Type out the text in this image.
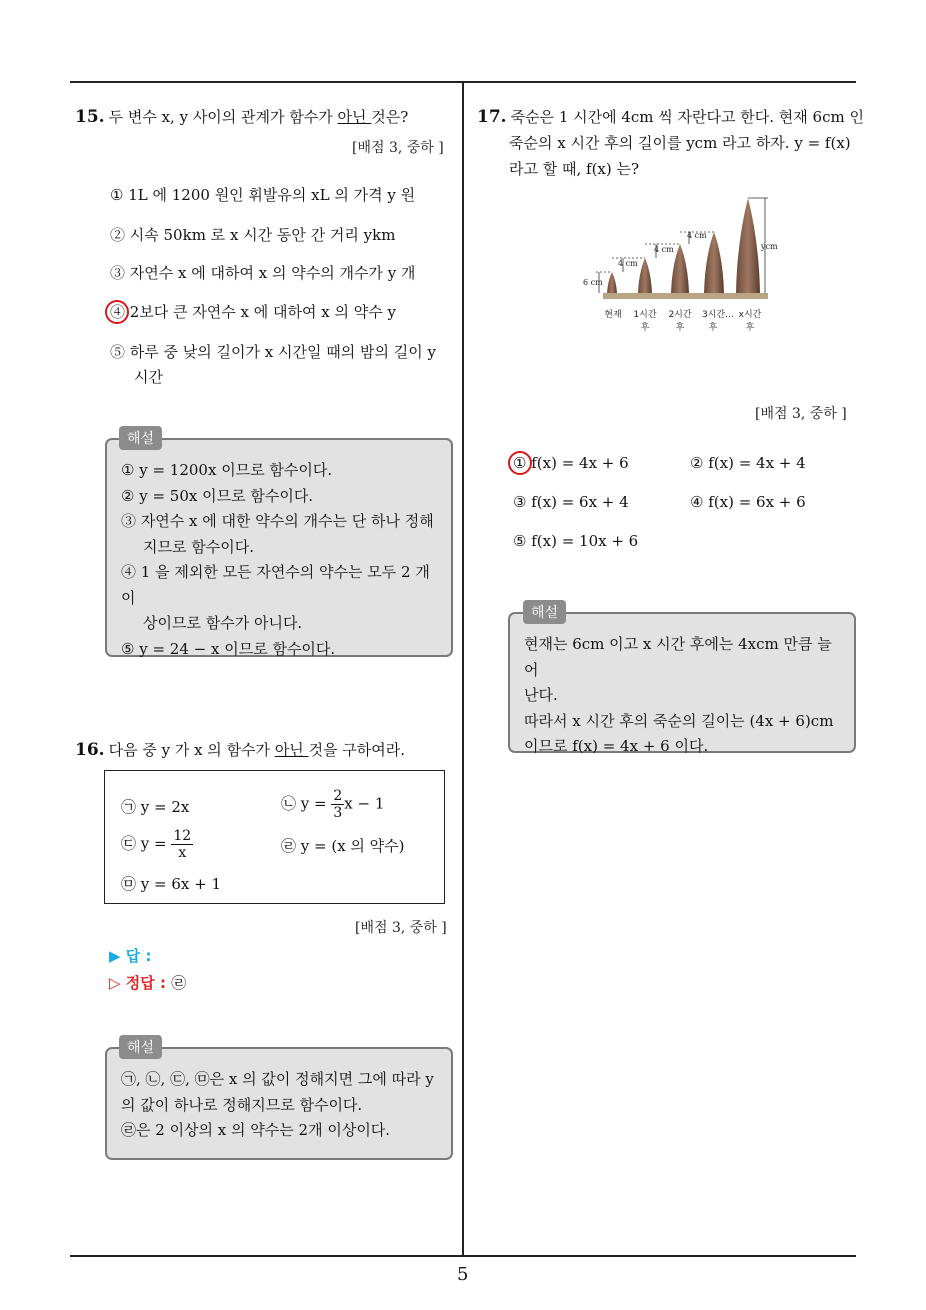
15. 두 변수 x, y 사이의 관계가 함수가 아닌 것은?
[배점 3, 중하 ]
① 1L 에 1200 원인 휘발유의 xL 의 가격 y 원
② 시속 50km 로 x 시간 동안 간 거리 ykm
③ 자연수 x 에 대하여 x 의 약수의 개수가 y 개
④ 2보다 큰 자연수 x 에 대하여 x 의 약수 y
⑤ 하루 중 낮의 길이가 x 시간일 때의 밤의 길이 y
시간
① y = 1200x 이므로 함수이다.
② y = 50x 이므로 함수이다.
③ 자연수 x 에 대한 약수의 개수는 단 하나 정해
지므로 함수이다.
④ 1 을 제외한 모든 자연수의 약수는 모두 2 개 이
상이므로 함수가 아니다.
⑤ y = 24 − x 이므로 함수이다.
해설
16. 다음 중 y 가 x 의 함수가 아닌 것을 구하여라.
㉠ y = 2x	㉡ $y = \frac{2}{3}$ x − 1
㉢ $y = \frac{12}{x}$	㉣ y = (x 의 약수)
㉤ y = 6x + 1
[배점 3, 중하 ]
▶ 답 :
▷ 정답 : ㉣
㉠, ㉡, ㉢, ㉤은 x 의 값이 정해지면 그에 따라 y
의 값이 하나로 정해지므로 함수이다.
㉣은 2 이상의 x 의 약수는 2개 이상이다.
해설
17. 죽순은 1 시간에 4cm 씩 자란다고 한다. 현재 6cm 인
죽순의 x 시간 후의 길이를 ycm 라고 하자. y = f(x)
라고 할 때, f(x) 는?
6 cm
4 cm
4 cm
4 cm
ycm
현재 1시간 2시간 3시간… x시간
후	후	후	후
[배점 3, 중하 ]
① f(x) = 4x + 6	② f(x) = 4x + 4
③ f(x) = 6x + 4	④ f(x) = 6x + 6
⑤ f(x) = 10x + 6
현재는 6cm 이고 x 시간 후에는 4xcm 만큼 늘어
난다.
따라서 x 시간 후의 죽순의 길이는 (4x + 6)cm
이므로 f(x) = 4x + 6 이다.
해설
5
